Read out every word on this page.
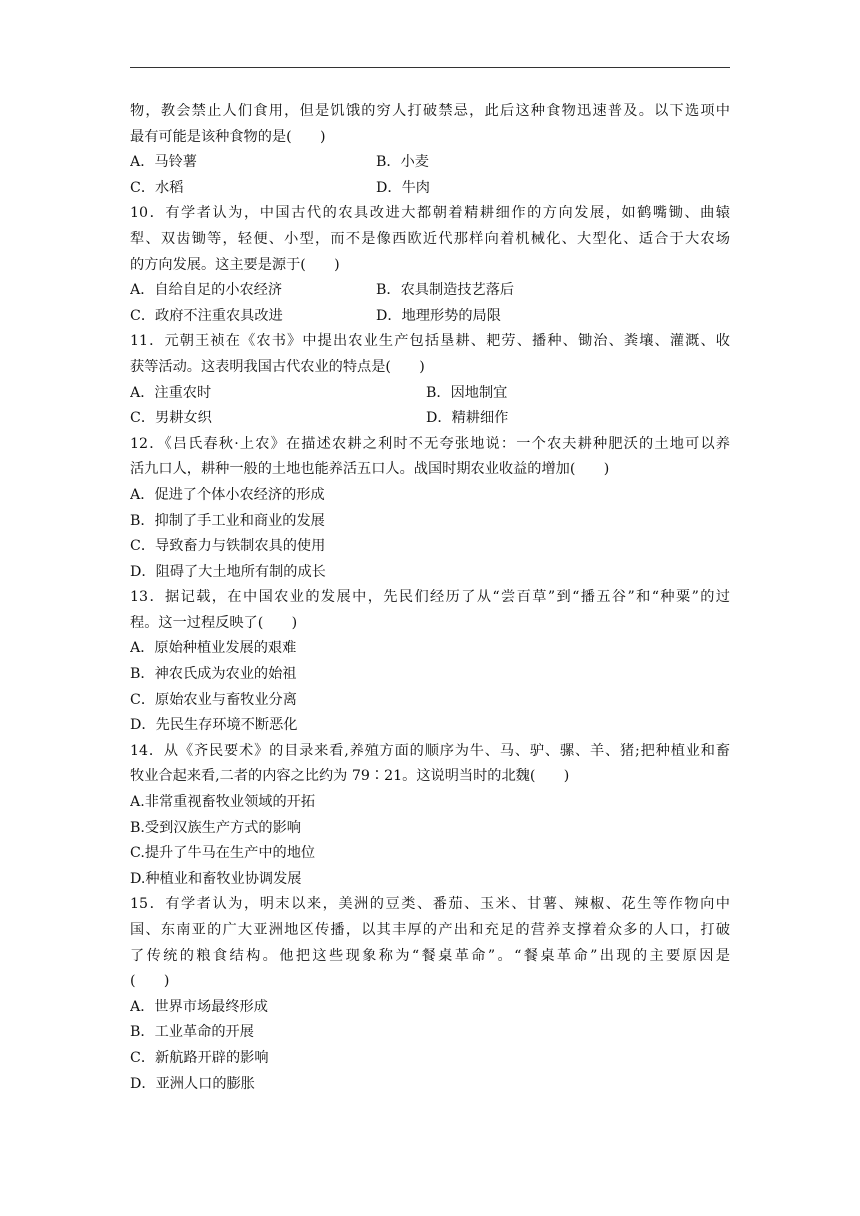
物，教会禁止人们食用，但是饥饿的穷人打破禁忌，此后这种食物迅速普及。以下选项中
最有可能是该种食物的是(　　)
A．马铃薯	B．小麦
C．水稻	D．牛肉
10．有学者认为，中国古代的农具改进大都朝着精耕细作的方向发展，如鹤嘴锄、曲辕
犁、双齿锄等，轻便、小型，而不是像西欧近代那样向着机械化、大型化、适合于大农场
的方向发展。这主要是源于(　　)
A．自给自足的小农经济	B．农具制造技艺落后
C．政府不注重农具改进	D．地理形势的局限
11．元朝王祯在《农书》中提出农业生产包括垦耕、耙劳、播种、锄治、粪壤、灌溉、收
获等活动。这表明我国古代农业的特点是(　　)
A．注重农时	B．因地制宜
C．男耕女织	D．精耕细作
12．《吕氏春秋·上农》在描述农耕之利时不无夸张地说：一个农夫耕种肥沃的土地可以养
活九口人，耕种一般的土地也能养活五口人。战国时期农业收益的增加(　　)
A．促进了个体小农经济的形成
B．抑制了手工业和商业的发展
C．导致畜力与铁制农具的使用
D．阻碍了大土地所有制的成长
13．据记载，在中国农业的发展中，先民们经历了从“尝百草”到“播五谷”和“种粟”的过
程。这一过程反映了(　　)
A．原始种植业发展的艰难
B．神农氏成为农业的始祖
C．原始农业与畜牧业分离
D．先民生存环境不断恶化
14．从《齐民要术》的目录来看,养殖方面的顺序为牛、马、驴、骡、羊、猪;把种植业和畜
牧业合起来看,二者的内容之比约为 79∶21。这说明当时的北魏(　　)
A.非常重视畜牧业领域的开拓
B.受到汉族生产方式的影响
C.提升了牛马在生产中的地位
D.种植业和畜牧业协调发展
15．有学者认为，明末以来，美洲的豆类、番茄、玉米、甘薯、辣椒、花生等作物向中
国、东南亚的广大亚洲地区传播，以其丰厚的产出和充足的营养支撑着众多的人口，打破
了传统的粮食结构。他把这些现象称为“餐桌革命”。“餐桌革命”出现的主要原因是
(　　)
A．世界市场最终形成
B．工业革命的开展
C．新航路开辟的影响
D．亚洲人口的膨胀
